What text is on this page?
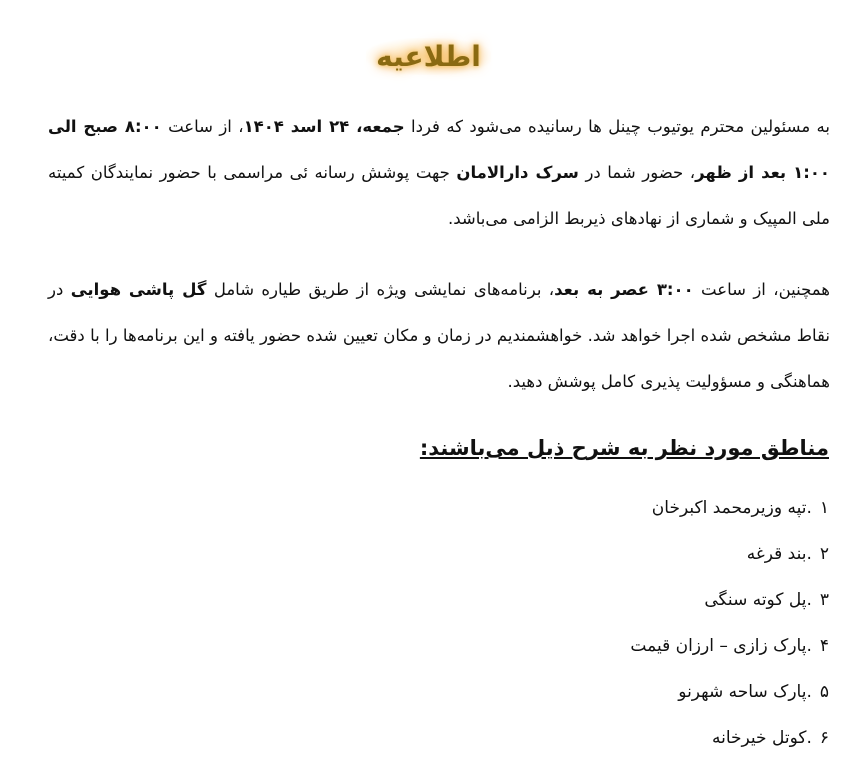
اطلاعیه

به مسئولین محترم یوتیوب چینل ها رسانیده می‌شود که فردا جمعه، ۲۴ اسد ۱۴۰۴، از ساعت ۸:۰۰ صبح الی ۱:۰۰ بعد از ظهر، حضور شما در سرک دارالامان جهت پوشش رسانه ئی مراسمی با حضور نمایندگان کمیته ملی المپیک و شماری از نهادهای ذیربط الزامی می‌باشد.

همچنین، از ساعت ۳:۰۰ عصر به بعد، برنامه‌های نمایشی ویژه از طریق طیاره شامل گل پاشی هوایی در نقاط مشخص شده اجرا خواهد شد. خواهشمندیم در زمان و مکان تعیین شده حضور یافته و این برنامه‌ها را با دقت، هماهنگی و مسؤولیت پذیری کامل پوشش دهید.

مناطق مورد نظر به شرح ذیل می‌باشند:
۱.تپه وزیرمحمد اکبرخان
۲.بند قرغه
۳.پل کوته سنگی
۴.پارک زازی – ارزان قیمت
۵.پارک ساحه شهرنو
۶.کوتل خیرخانه
